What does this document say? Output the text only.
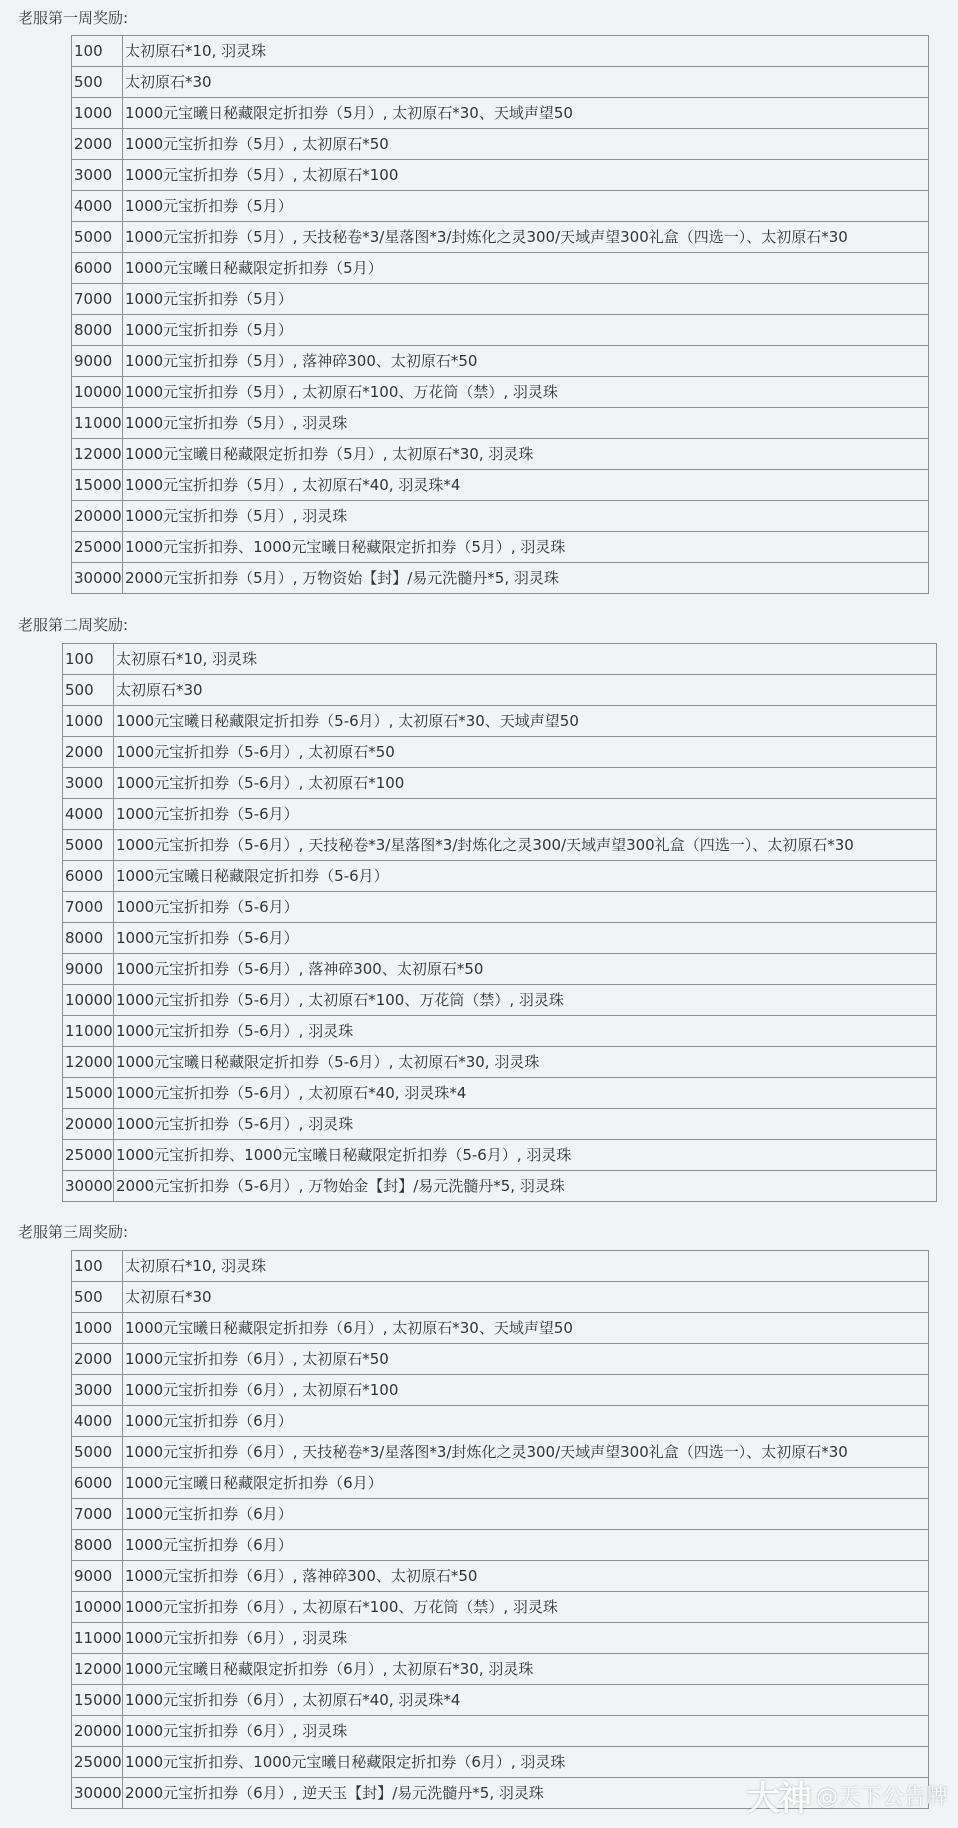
老服第一周奖励:
100	太初原石*10, 羽灵珠
500	太初原石*30
1000	1000元宝曦日秘藏限定折扣券（5月）, 太初原石*30、天域声望50
2000	1000元宝折扣券（5月）, 太初原石*50
3000	1000元宝折扣券（5月）, 太初原石*100
4000	1000元宝折扣券（5月）
5000	1000元宝折扣券（5月）, 天技秘卷*3/星落图*3/封炼化之灵300/天域声望300礼盒（四选一）、太初原石*30
6000	1000元宝曦日秘藏限定折扣券（5月）
7000	1000元宝折扣券（5月）
8000	1000元宝折扣券（5月）
9000	1000元宝折扣券（5月）, 落神碎300、太初原石*50
10000	1000元宝折扣券（5月）, 太初原石*100、万花筒（禁）, 羽灵珠
11000	1000元宝折扣券（5月）, 羽灵珠
12000	1000元宝曦日秘藏限定折扣券（5月）, 太初原石*30, 羽灵珠
15000	1000元宝折扣券（5月）, 太初原石*40, 羽灵珠*4
20000	1000元宝折扣券（5月）, 羽灵珠
25000	1000元宝折扣券、1000元宝曦日秘藏限定折扣券（5月）, 羽灵珠
30000	2000元宝折扣券（5月）, 万物资始【封】/易元洗髓丹*5, 羽灵珠
老服第二周奖励:
100	太初原石*10, 羽灵珠
500	太初原石*30
1000	1000元宝曦日秘藏限定折扣券（5-6月）, 太初原石*30、天域声望50
2000	1000元宝折扣券（5-6月）, 太初原石*50
3000	1000元宝折扣券（5-6月）, 太初原石*100
4000	1000元宝折扣券（5-6月）
5000	1000元宝折扣券（5-6月）, 天技秘卷*3/星落图*3/封炼化之灵300/天域声望300礼盒（四选一）、太初原石*30
6000	1000元宝曦日秘藏限定折扣券（5-6月）
7000	1000元宝折扣券（5-6月）
8000	1000元宝折扣券（5-6月）
9000	1000元宝折扣券（5-6月）, 落神碎300、太初原石*50
10000	1000元宝折扣券（5-6月）, 太初原石*100、万花筒（禁）, 羽灵珠
11000	1000元宝折扣券（5-6月）, 羽灵珠
12000	1000元宝曦日秘藏限定折扣券（5-6月）, 太初原石*30, 羽灵珠
15000	1000元宝折扣券（5-6月）, 太初原石*40, 羽灵珠*4
20000	1000元宝折扣券（5-6月）, 羽灵珠
25000	1000元宝折扣券、1000元宝曦日秘藏限定折扣券（5-6月）, 羽灵珠
30000	2000元宝折扣券（5-6月）, 万物始金【封】/易元洗髓丹*5, 羽灵珠
老服第三周奖励:
100	太初原石*10, 羽灵珠
500	太初原石*30
1000	1000元宝曦日秘藏限定折扣券（6月）, 太初原石*30、天域声望50
2000	1000元宝折扣券（6月）, 太初原石*50
3000	1000元宝折扣券（6月）, 太初原石*100
4000	1000元宝折扣券（6月）
5000	1000元宝折扣券（6月）, 天技秘卷*3/星落图*3/封炼化之灵300/天域声望300礼盒（四选一）、太初原石*30
6000	1000元宝曦日秘藏限定折扣券（6月）
7000	1000元宝折扣券（6月）
8000	1000元宝折扣券（6月）
9000	1000元宝折扣券（6月）, 落神碎300、太初原石*50
10000	1000元宝折扣券（6月）, 太初原石*100、万花筒（禁）, 羽灵珠
11000	1000元宝折扣券（6月）, 羽灵珠
12000	1000元宝曦日秘藏限定折扣券（6月）, 太初原石*30, 羽灵珠
15000	1000元宝折扣券（6月）, 太初原石*40, 羽灵珠*4
20000	1000元宝折扣券（6月）, 羽灵珠
25000	1000元宝折扣券、1000元宝曦日秘藏限定折扣券（6月）, 羽灵珠
30000	2000元宝折扣券（6月）, 逆天玉【封】/易元洗髓丹*5, 羽灵珠	大神 @天下公告牌
